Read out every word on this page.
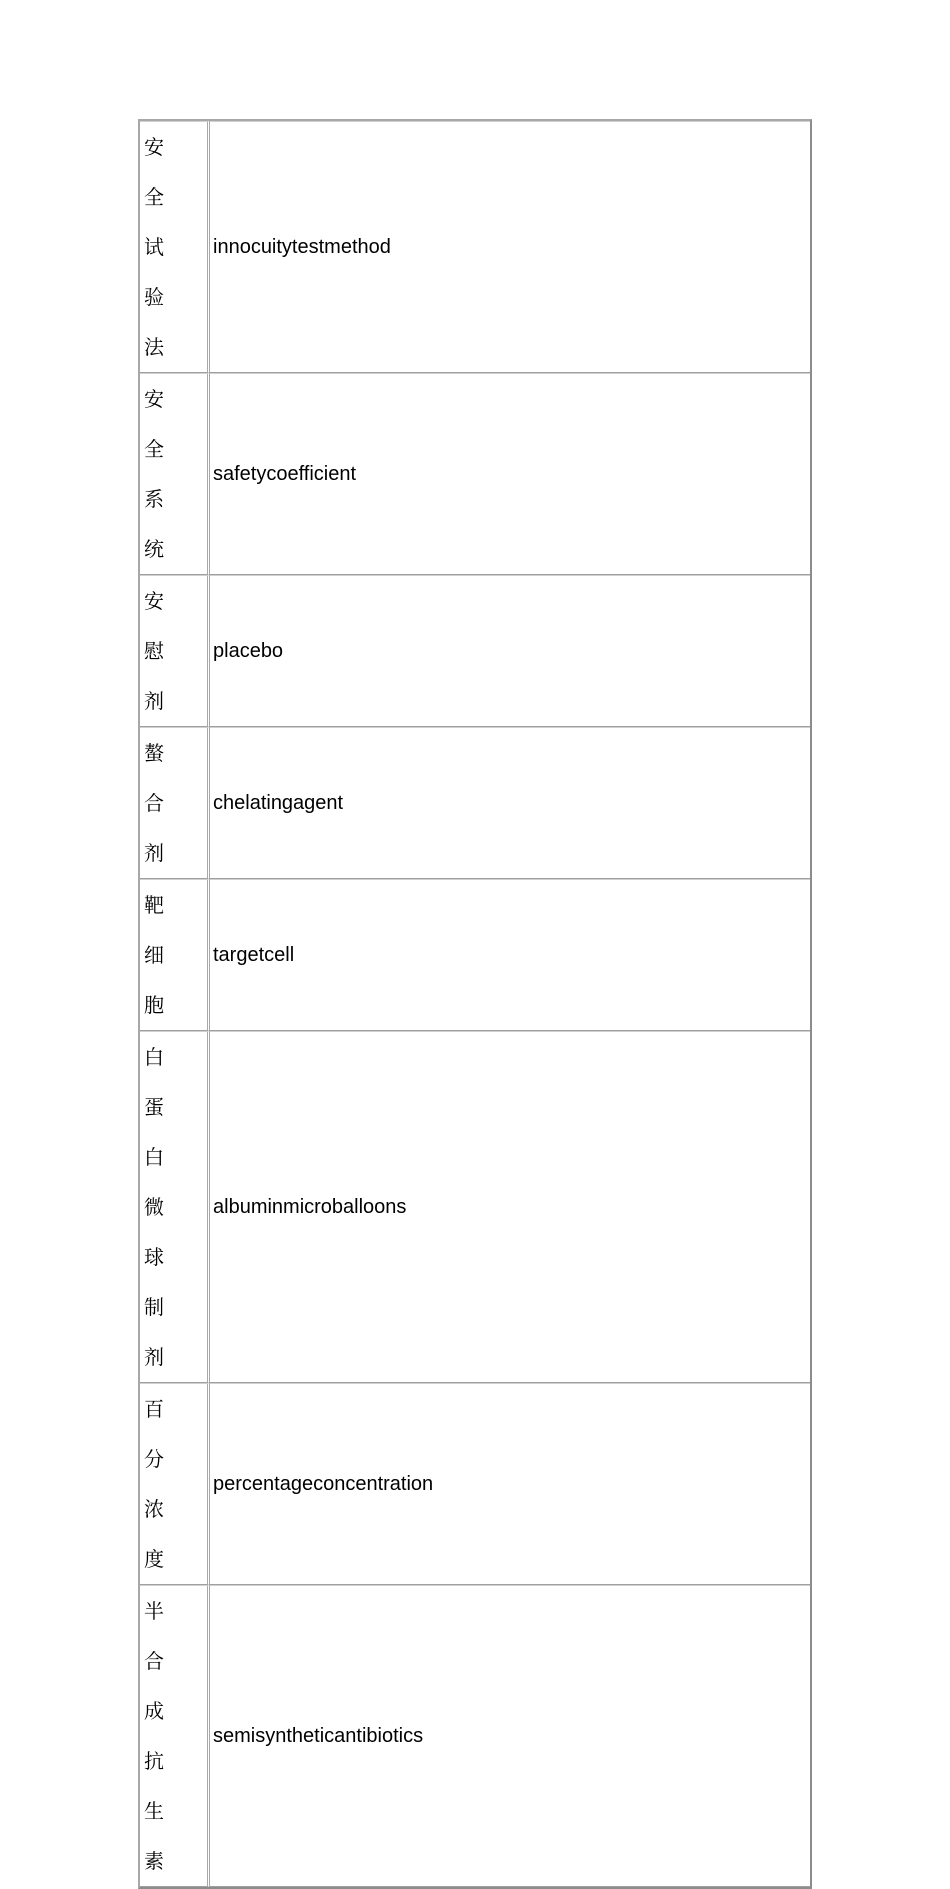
安全试验法	innocuitytestmethod
安全系统	safetycoefficient
安慰剂	placebo
螯合剂	chelatingagent
靶细胞	targetcell
白蛋白微球制剂	albuminmicroballoons
百分浓度	percentageconcentration
半合成抗生素	semisyntheticantibiotics
